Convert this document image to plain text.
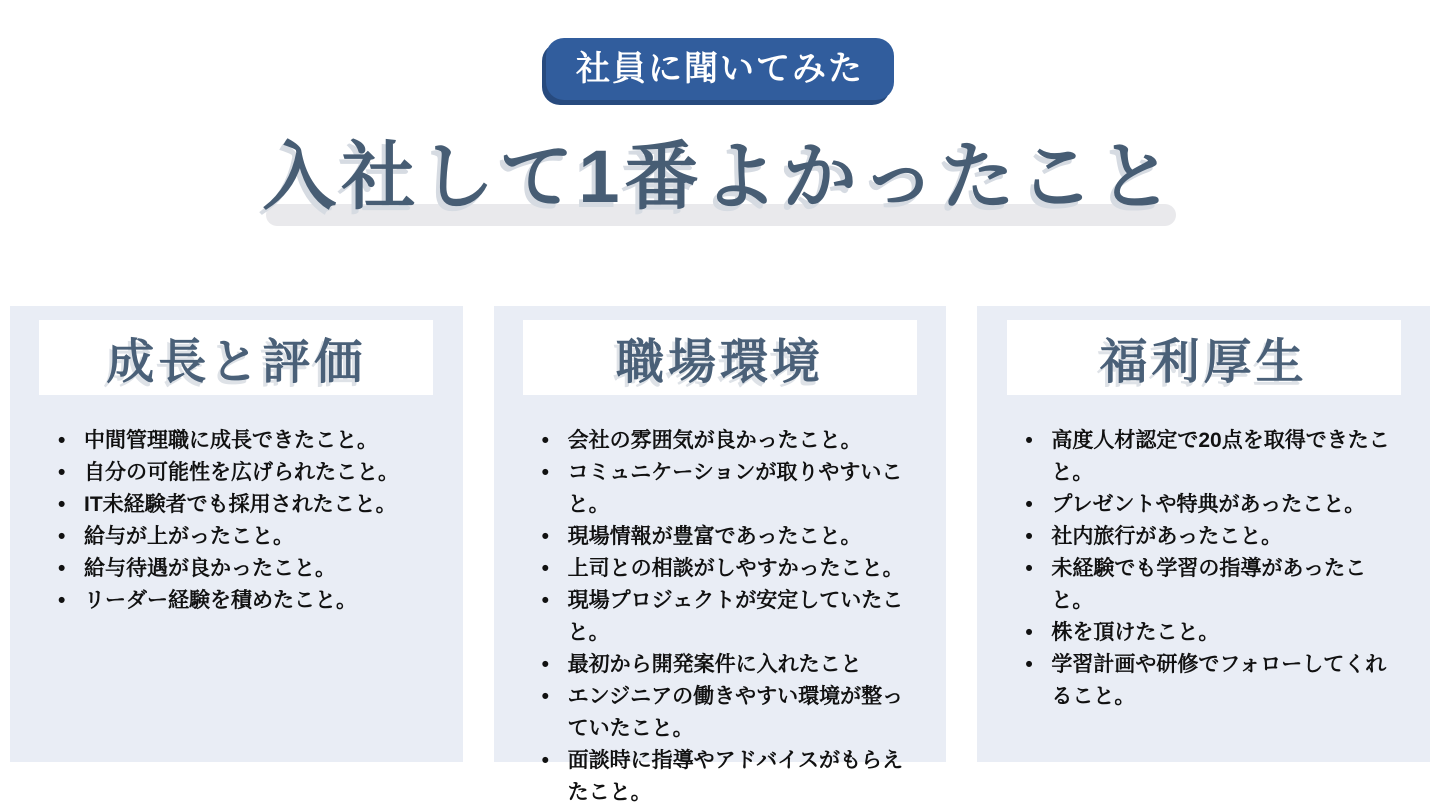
社員に聞いてみた
入社して1番よかったこと
成長と評価
• 中間管理職に成長できたこと。
• 自分の可能性を広げられたこと。
• IT未経験者でも採用されたこと。
• 給与が上がったこと。
• 給与待遇が良かったこと。
• リーダー経験を積めたこと。
職場環境
• 会社の雰囲気が良かったこと。
• コミュニケーションが取りやすいこと。
• 現場情報が豊富であったこと。
• 上司との相談がしやすかったこと。
• 現場プロジェクトが安定していたこと。
• 最初から開発案件に入れたこと
• エンジニアの働きやすい環境が整っていたこと。
• 面談時に指導やアドバイスがもらえたこと。
福利厚生
• 高度人材認定で20点を取得できたこと。
• プレゼントや特典があったこと。
• 社内旅行があったこと。
• 未経験でも学習の指導があったこと。
• 株を頂けたこと。
• 学習計画や研修でフォローしてくれること。
